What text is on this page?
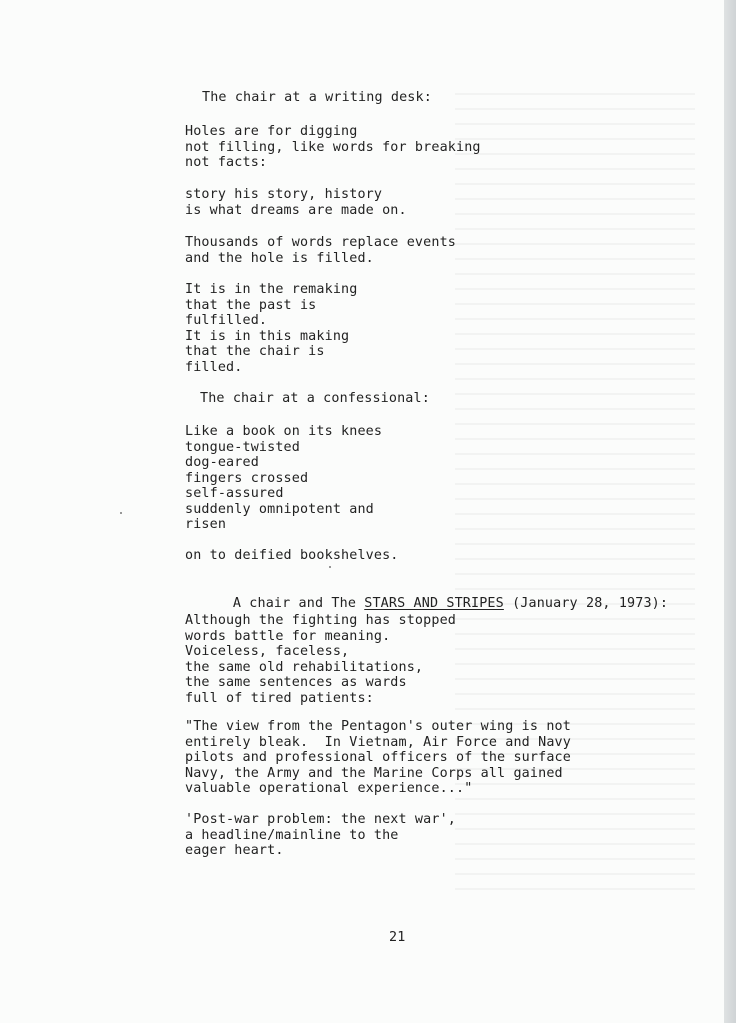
The chair at a writing desk:
Holes are for digging
not filling, like words for breaking
not facts:
story his story, history
is what dreams are made on.
Thousands of words replace events
and the hole is filled.
It is in the remaking
that the past is
fulfilled.
It is in this making
that the chair is
filled.
The chair at a confessional:
Like a book on its knees
tongue-twisted
dog-eared
fingers crossed
self-assured
suddenly omnipotent and
risen
on to deified bookshelves.

A chair and The STARS AND STRIPES (January 28, 1973):

Although the fighting has stopped
words battle for meaning.
Voiceless, faceless,
the same old rehabilitations,
the same sentences as wards
full of tired patients:
"The view from the Pentagon's outer wing is not
entirely bleak.  In Vietnam, Air Force and Navy
pilots and professional officers of the surface
Navy, the Army and the Marine Corps all gained
valuable operational experience..."
'Post-war problem: the next war',
a headline/mainline to the
eager heart.
21
